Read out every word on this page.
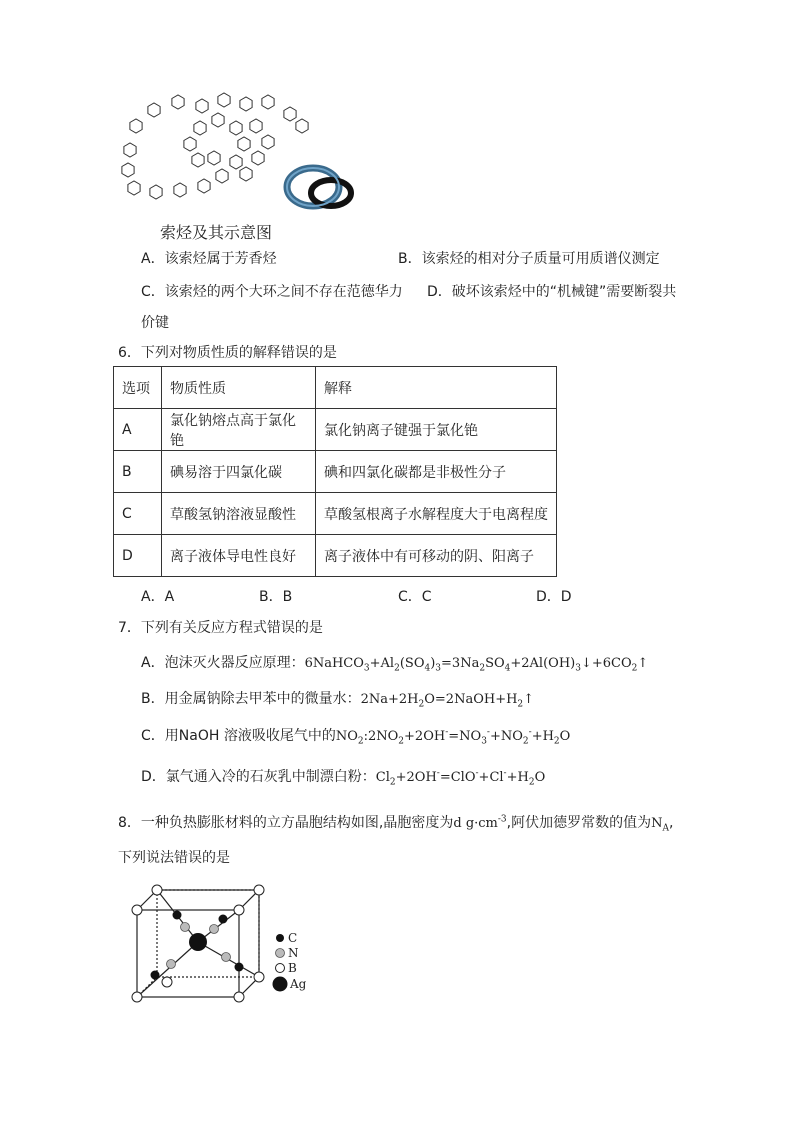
索烃及其示意图
A．该索烃属于芳香烃	B．该索烃的相对分子质量可用质谱仪测定
C．该索烃的两个大环之间不存在范德华力 D．破坏该索烃中的“机械键”需要断裂共
价键
6．下列对物质性质的解释错误的是
选项	物质性质	解释
A	氯化钠熔点高于氯化铯	氯化钠离子键强于氯化铯
B	碘易溶于四氯化碳	碘和四氯化碳都是非极性分子
C	草酸氢钠溶液显酸性	草酸氢根离子水解程度大于电离程度
D	离子液体导电性良好	离子液体中有可移动的阴、阳离子
A．A	B．B	C．C	D．D
7．下列有关反应方程式错误的是
A．泡沫灭火器反应原理：$6NaHCO_3+Al_2(SO_4)_3=3Na_2SO_4+2Al(OH)_3↓+6CO_2↑$
B．用金属钠除去甲苯中的微量水：$2Na+2H_2O=2NaOH+H_2↑$
C．用NaOH 溶液吸收尾气中的$NO_2:2NO_2+2OH^-=NO_3^-+NO_2^-+H_2O$
D．氯气通入冷的石灰乳中制漂白粉：$Cl_2+2OH^-=ClO^-+Cl^-+H_2O$
8．一种负热膨胀材料的立方晶胞结构如图,晶胞密度为d $g\cdot cm^{-3}$,阿伏加德罗常数的值为$N_A$,
下列说法错误的是
C
N
B
Ag
